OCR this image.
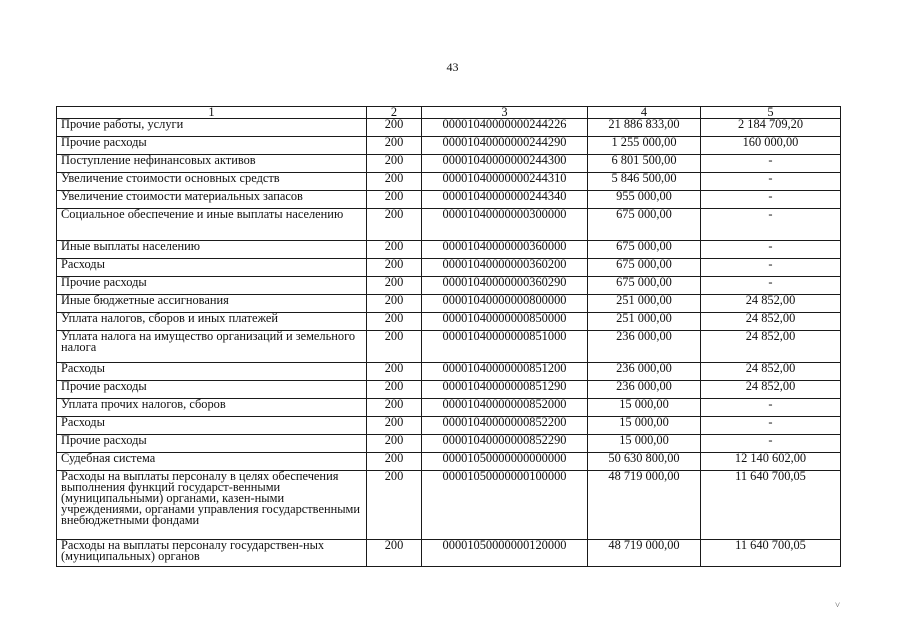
43
1	2	3	4	5
Прочие работы, услуги	200	00001040000000244226	21 886 833,00	2 184 709,20
Прочие расходы	200	00001040000000244290	1 255 000,00	160 000,00
Поступление нефинансовых активов	200	00001040000000244300	6 801 500,00	-
Увеличение стоимости основных средств	200	00001040000000244310	5 846 500,00	-
Увеличение стоимости материальных запасов	200	00001040000000244340	955 000,00	-
Социальное обеспечение и иные выплаты населению	200	00001040000000300000	675 000,00	-
Иные выплаты населению	200	00001040000000360000	675 000,00	-
Расходы	200	00001040000000360200	675 000,00	-
Прочие расходы	200	00001040000000360290	675 000,00	-
Иные бюджетные ассигнования	200	00001040000000800000	251 000,00	24 852,00
Уплата налогов, сборов и иных платежей	200	00001040000000850000	251 000,00	24 852,00
Уплата налога на имущество организаций и земельного налога	200	00001040000000851000	236 000,00	24 852,00
Расходы	200	00001040000000851200	236 000,00	24 852,00
Прочие расходы	200	00001040000000851290	236 000,00	24 852,00
Уплата прочих налогов, сборов	200	00001040000000852000	15 000,00	-
Расходы	200	00001040000000852200	15 000,00	-
Прочие расходы	200	00001040000000852290	15 000,00	-
Судебная система	200	00001050000000000000	50 630 800,00	12 140 602,00
Расходы на выплаты персоналу в целях обеспечения выполнения функций государст-венными (муниципальными) органами, казен-ными учреждениями, органами управления государственными внебюджетными фондами	200	00001050000000100000	48 719 000,00	11 640 700,05
Расходы на выплаты персоналу государствен-ных (муниципальных) органов	200	00001050000000120000	48 719 000,00	11 640 700,05
˅
